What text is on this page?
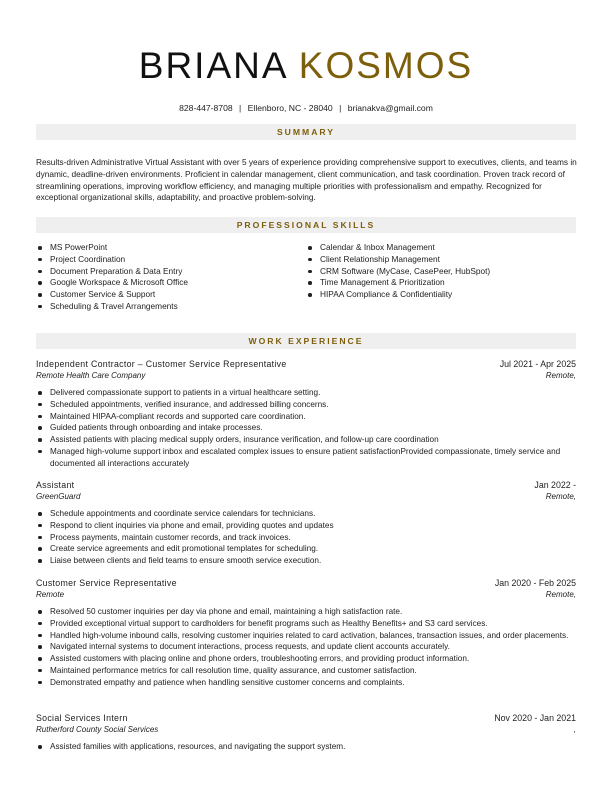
BRIANA KOSMOS
828-447-8708 | Ellenboro, NC - 28040 | brianakva@gmail.com
SUMMARY

Results-driven Administrative Virtual Assistant with over 5 years of experience providing comprehensive support to executives, clients, and teams in dynamic, deadline-driven environments. Proficient in calendar management, client communication, and task coordination. Proven track record of streamlining operations, improving workflow efficiency, and managing multiple priorities with professionalism and empathy. Recognized for exceptional organizational skills, adaptability, and proactive problem-solving.

PROFESSIONAL SKILLS
MS PowerPoint
Project Coordination
Document Preparation & Data Entry
Google Workspace & Microsoft Office
Customer Service & Support
Scheduling & Travel Arrangements
Calendar & Inbox Management
Client Relationship Management
CRM Software (MyCase, CasePeer, HubSpot)
Time Management & Prioritization
HIPAA Compliance & Confidentiality
WORK EXPERIENCE
Independent Contractor – Customer Service Representative	Jul 2021 - Apr 2025
Remote Health Care Company	Remote,
Delivered compassionate support to patients in a virtual healthcare setting.
Scheduled appointments, verified insurance, and addressed billing concerns.
Maintained HIPAA-compliant records and supported care coordination.
Guided patients through onboarding and intake processes.
Assisted patients with placing medical supply orders, insurance verification, and follow-up care coordination
Managed high-volume support inbox and escalated complex issues to ensure patient satisfactionProvided compassionate, timely service and documented all interactions accurately
Assistant	Jan 2022 -
GreenGuard	Remote,
Schedule appointments and coordinate service calendars for technicians.
Respond to client inquiries via phone and email, providing quotes and updates
Process payments, maintain customer records, and track invoices.
Create service agreements and edit promotional templates for scheduling.
Liaise between clients and field teams to ensure smooth service execution.
Customer Service Representative	Jan 2020 - Feb 2025
Remote	Remote,
Resolved 50 customer inquiries per day via phone and email, maintaining a high satisfaction rate.
Provided exceptional virtual support to cardholders for benefit programs such as Healthy Benefits+ and S3 card services.
Handled high-volume inbound calls, resolving customer inquiries related to card activation, balances, transaction issues, and order placements.
Navigated internal systems to document interactions, process requests, and update client accounts accurately.
Assisted customers with placing online and phone orders, troubleshooting errors, and providing product information.
Maintained performance metrics for call resolution time, quality assurance, and customer satisfaction.
Demonstrated empathy and patience when handling sensitive customer concerns and complaints.
Social Services Intern	Nov 2020 - Jan 2021
Rutherford County Social Services	,
Assisted families with applications, resources, and navigating the support system.
